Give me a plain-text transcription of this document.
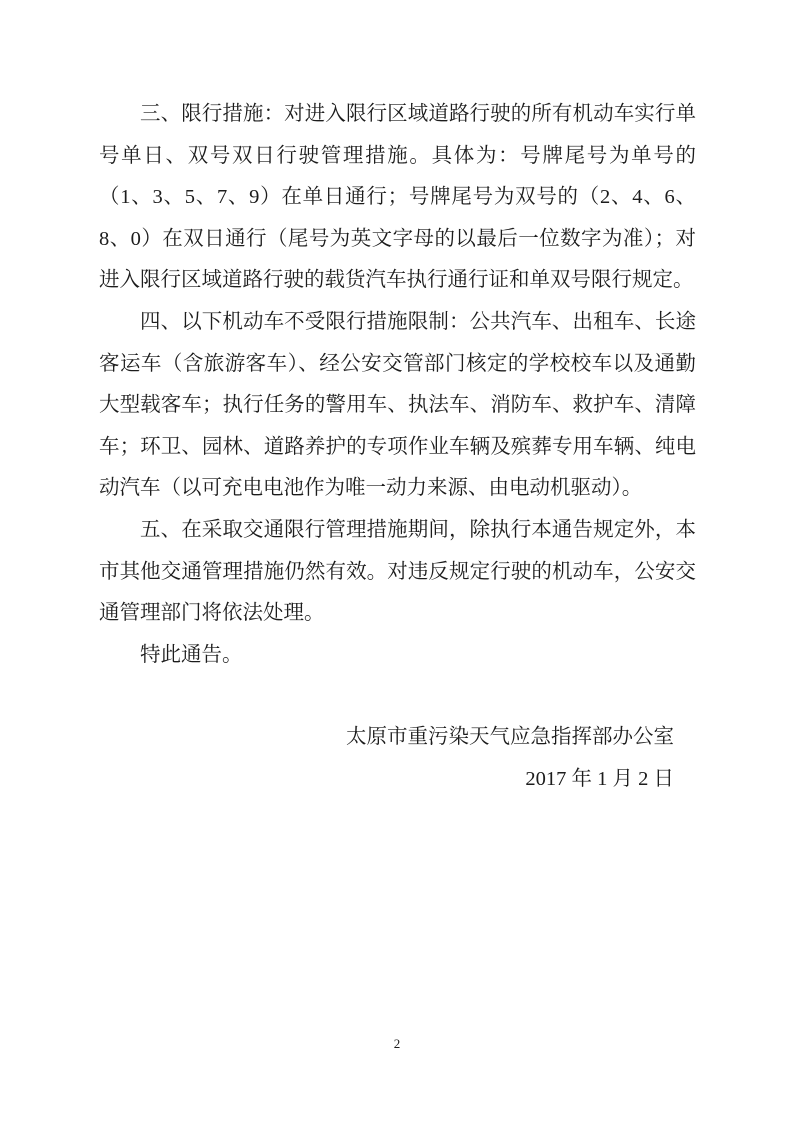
三、限行措施：对进入限行区域道路行驶的所有机动车实行单号单日、双号双日行驶管理措施。具体为：号牌尾号为单号的（1、3、5、7、9）在单日通行；号牌尾号为双号的（2、4、6、8、0）在双日通行（尾号为英文字母的以最后一位数字为准）；对进入限行区域道路行驶的载货汽车执行通行证和单双号限行规定。

四、以下机动车不受限行措施限制：公共汽车、出租车、长途客运车（含旅游客车）、经公安交管部门核定的学校校车以及通勤大型载客车；执行任务的警用车、执法车、消防车、救护车、清障车；环卫、园林、道路养护的专项作业车辆及殡葬专用车辆、纯电动汽车（以可充电电池作为唯一动力来源、由电动机驱动）。

五、在采取交通限行管理措施期间，除执行本通告规定外，本市其他交通管理措施仍然有效。对违反规定行驶的机动车，公安交通管理部门将依法处理。

特此通告。

太原市重污染天气应急指挥部办公室

2017 年 1 月 2 日

2
